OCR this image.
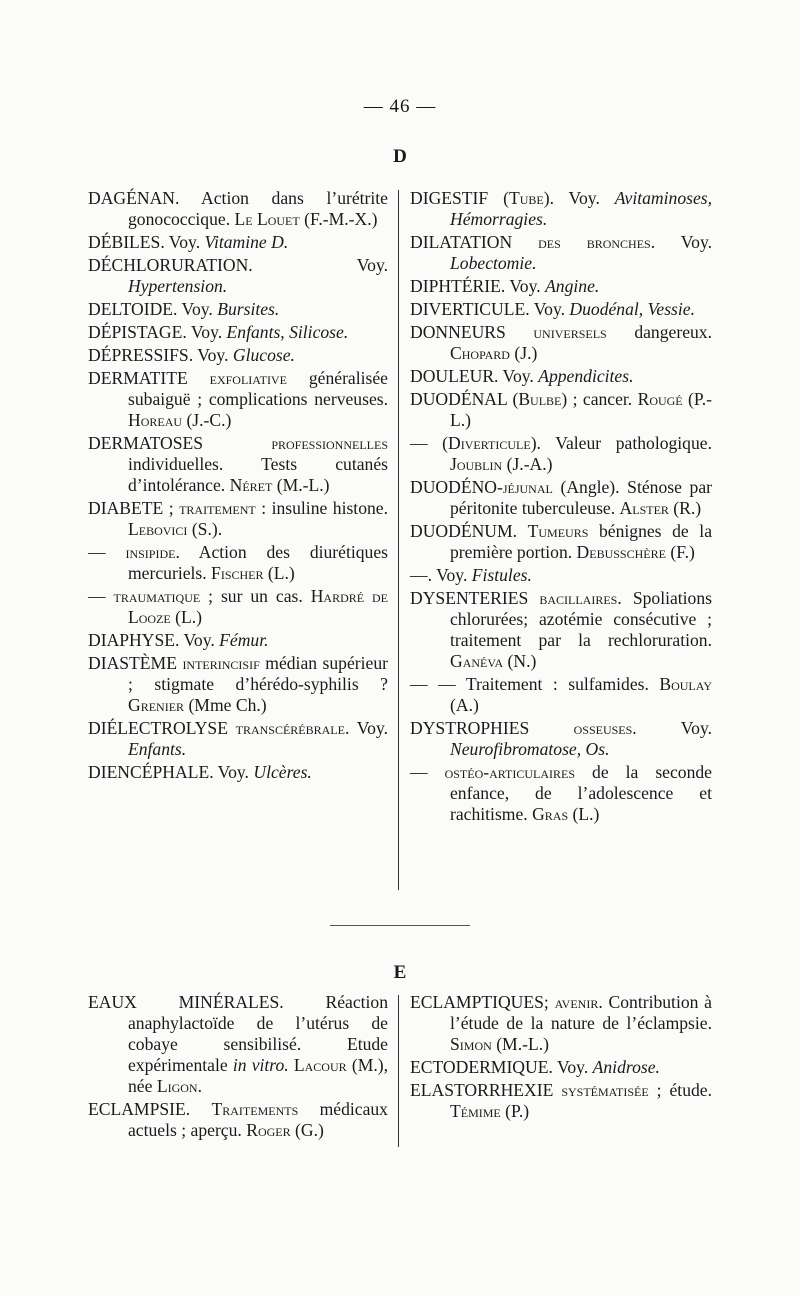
— 46 —
D
DAGÉNAN. Action dans l’urétrite gonococcique. Le Louet (F.-M.-X.)
DÉBILES. Voy. Vitamine D.
DÉCHLORURATION. Voy. Hypertension.
DELTOIDE. Voy. Bursites.
DÉPISTAGE. Voy. Enfants, Silicose.
DÉPRESSIFS. Voy. Glucose.
DERMATITE exfoliative généralisée subaiguë ; complications nerveuses. Horeau (J.-C.)
DERMATOSES professionnelles individuelles. Tests cutanés d’intolérance. Néret (M.-L.)
DIABETE ; traitement : insuline histone. Lebovici (S.).
— insipide. Action des diurétiques mercuriels. Fischer (L.)
— traumatique ; sur un cas. Hardré de Looze (L.)
DIAPHYSE. Voy. Fémur.
DIASTÈME interincisif médian supérieur ; stigmate d’hérédo-syphilis ? Grenier (Mme Ch.)
DIÉLECTROLYSE transcérébrale. Voy. Enfants.
DIENCÉPHALE. Voy. Ulcères.
DIGESTIF (Tube). Voy. Avitaminoses, Hémorragies.
DILATATION des bronches. Voy. Lobectomie.
DIPHTÉRIE. Voy. Angine.
DIVERTICULE. Voy. Duodénal, Vessie.
DONNEURS universels dangereux. Chopard (J.)
DOULEUR. Voy. Appendicites.
DUODÉNAL (Bulbe) ; cancer. Rougé (P.-L.)
— (Diverticule). Valeur pathologique. Joublin (J.-A.)
DUODÉNO-jéjunal (Angle). Sténose par péritonite tuberculeuse. Alster (R.)
DUODÉNUM. Tumeurs bénignes de la première portion. Debusschère (F.)
—. Voy. Fistules.
DYSENTERIES bacillaires. Spoliations chlorurées; azotémie consécutive ; traitement par la rechloruration. Ganéva (N.)
— — Traitement : sulfamides. Boulay (A.)
DYSTROPHIES osseuses. Voy. Neurofibromatose, Os.
— ostéo-articulaires de la seconde enfance, de l’adolescence et rachitisme. Gras (L.)
E
EAUX MINÉRALES. Réaction anaphylactoïde de l’utérus de cobaye sensibilisé. Etude expérimentale in vitro. Lacour (M.), née Ligon.
ECLAMPSIE. Traitements médicaux actuels ; aperçu. Roger (G.)
ECLAMPTIQUES; avenir. Contribution à l’étude de la nature de l’éclampsie. Simon (M.-L.)
ECTODERMIQUE. Voy. Anidrose.
ELASTORRHEXIE systématisée ; étude. Témime (P.)
